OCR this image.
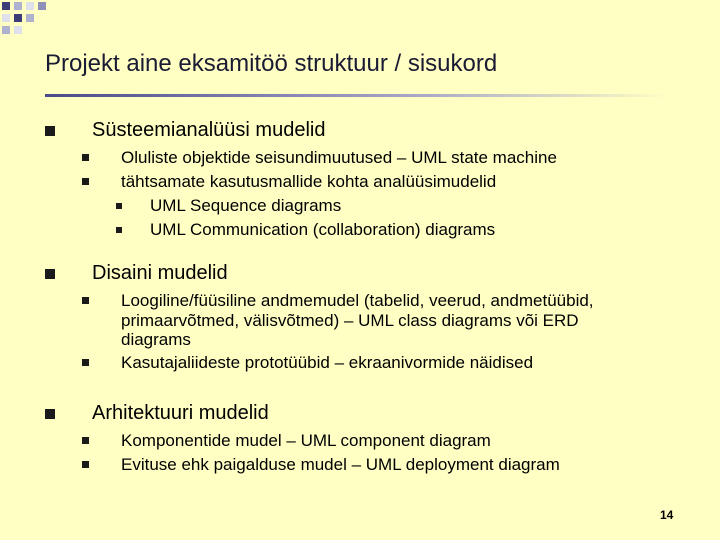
Projekt aine eksamitöö struktuur / sisukord
Süsteemianalüüsi mudelid
Oluliste objektide seisundimuutused – UML state machine
tähtsamate kasutusmallide kohta analüüsimudelid
UML Sequence diagrams
UML Communication (collaboration) diagrams
Disaini mudelid
Loogiline/füüsiline andmemudel (tabelid, veerud, andmetüübid,
primaarvõtmed, välisvõtmed) – UML class diagrams või ERD
diagrams
Kasutajaliideste prototüübid – ekraanivormide näidised
Arhitektuuri mudelid
Komponentide mudel – UML component diagram
Evituse ehk paigalduse mudel – UML deployment diagram
14
